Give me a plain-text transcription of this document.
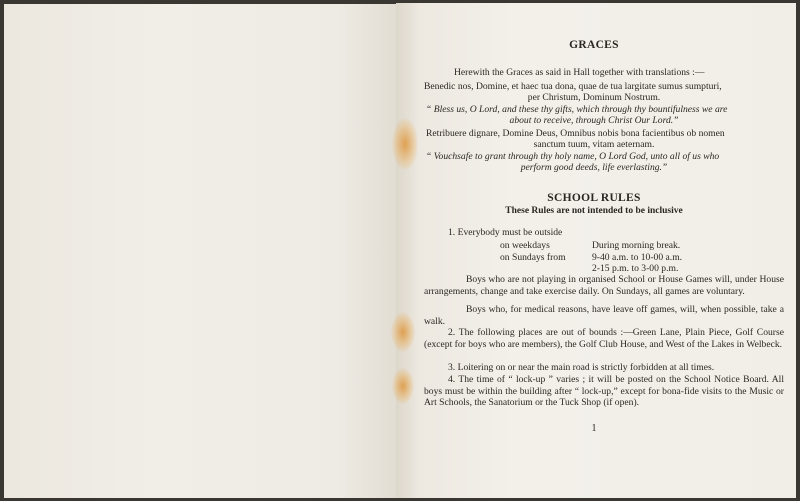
GRACES
Herewith the Graces as said in Hall together with translations :—
Benedic nos, Domine, et haec tua dona, quae de tua largitate sumus sumpturi,
per Christum, Dominum Nostrum.
“ Bless us, O Lord, and these thy gifts, which through thy bountifulness we are
about to receive, through Christ Our Lord.”
Retribuere dignare, Domine Deus, Omnibus nobis bona facientibus ob nomen
sanctum tuum, vitam aeternam.
“ Vouchsafe to grant through thy holy name, O Lord God, unto all of us who
perform good deeds, life everlasting.”
SCHOOL RULES
These Rules are not intended to be inclusive
1. Everybody must be outside
on weekdays	During morning break.
on Sundays from	9-40 a.m. to 10-00 a.m.
2-15 p.m. to 3-00 p.m.
Boys who are not playing in organised School or House Games will, under House arrangements, change and take exercise daily. On Sundays, all games are voluntary.
Boys who, for medical reasons, have leave off games, will, when possible, take a walk.
2. The following places are out of bounds :—Green Lane, Plain Piece, Golf Course (except for boys who are members), the Golf Club House, and West of the Lakes in Welbeck.
3. Loitering on or near the main road is strictly forbidden at all times.
4. The time of “ lock-up ” varies ; it will be posted on the School Notice Board. All boys must be within the building after “ lock-up,” except for bona-fide visits to the Music or Art Schools, the Sanatorium or the Tuck Shop (if open).
1
